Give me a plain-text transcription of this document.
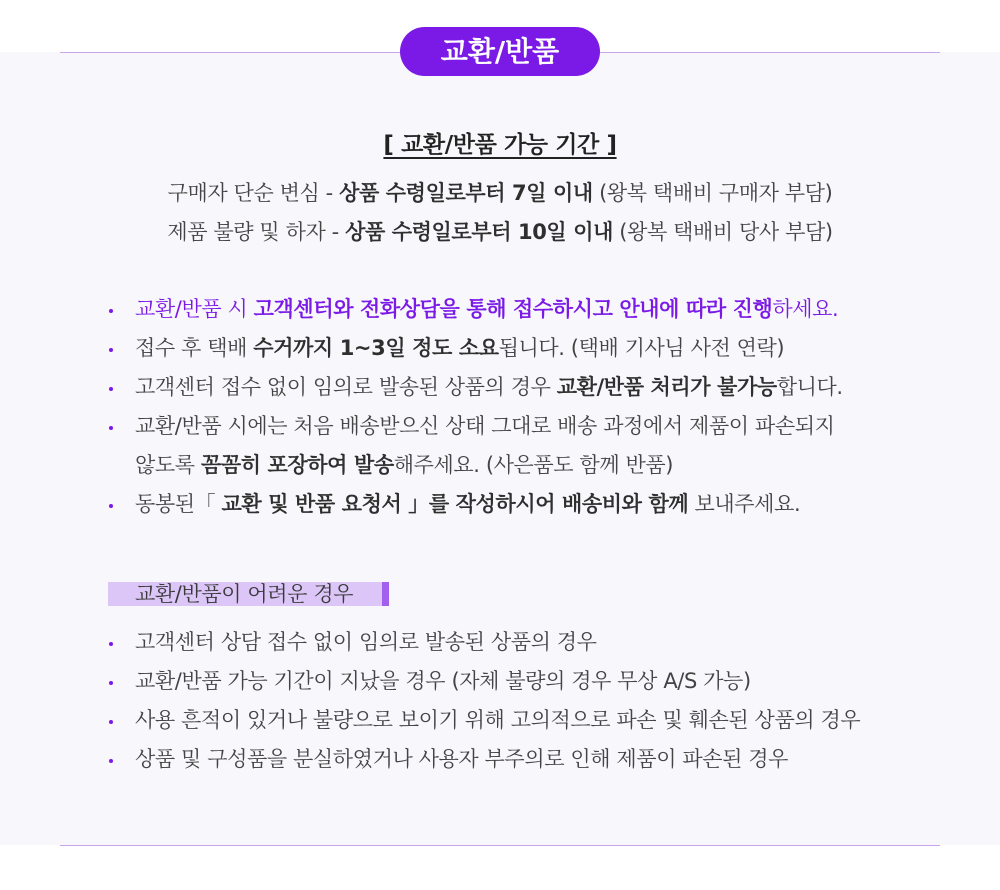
교환/반품
[ 교환/반품 가능 기간 ]
구매자 단순 변심 - 상품 수령일로부터 7일 이내 (왕복 택배비 구매자 부담)
제품 불량 및 하자 - 상품 수령일로부터 10일 이내 (왕복 택배비 당사 부담)
교환/반품 시 고객센터와 전화상담을 통해 접수하시고 안내에 따라 진행하세요.
접수 후 택배 수거까지 1~3일 정도 소요됩니다. (택배 기사님 사전 연락)
고객센터 접수 없이 임의로 발송된 상품의 경우 교환/반품 처리가 불가능합니다.
교환/반품 시에는 처음 배송받으신 상태 그대로 배송 과정에서 제품이 파손되지
않도록 꼼꼼히 포장하여 발송해주세요. (사은품도 함께 반품)
동봉된「 교환 및 반품 요청서 」를 작성하시어 배송비와 함께 보내주세요.
교환/반품이 어려운 경우
고객센터 상담 접수 없이 임의로 발송된 상품의 경우
교환/반품 가능 기간이 지났을 경우 (자체 불량의 경우 무상 A/S 가능)
사용 흔적이 있거나 불량으로 보이기 위해 고의적으로 파손 및 훼손된 상품의 경우
상품 및 구성품을 분실하였거나 사용자 부주의로 인해 제품이 파손된 경우
